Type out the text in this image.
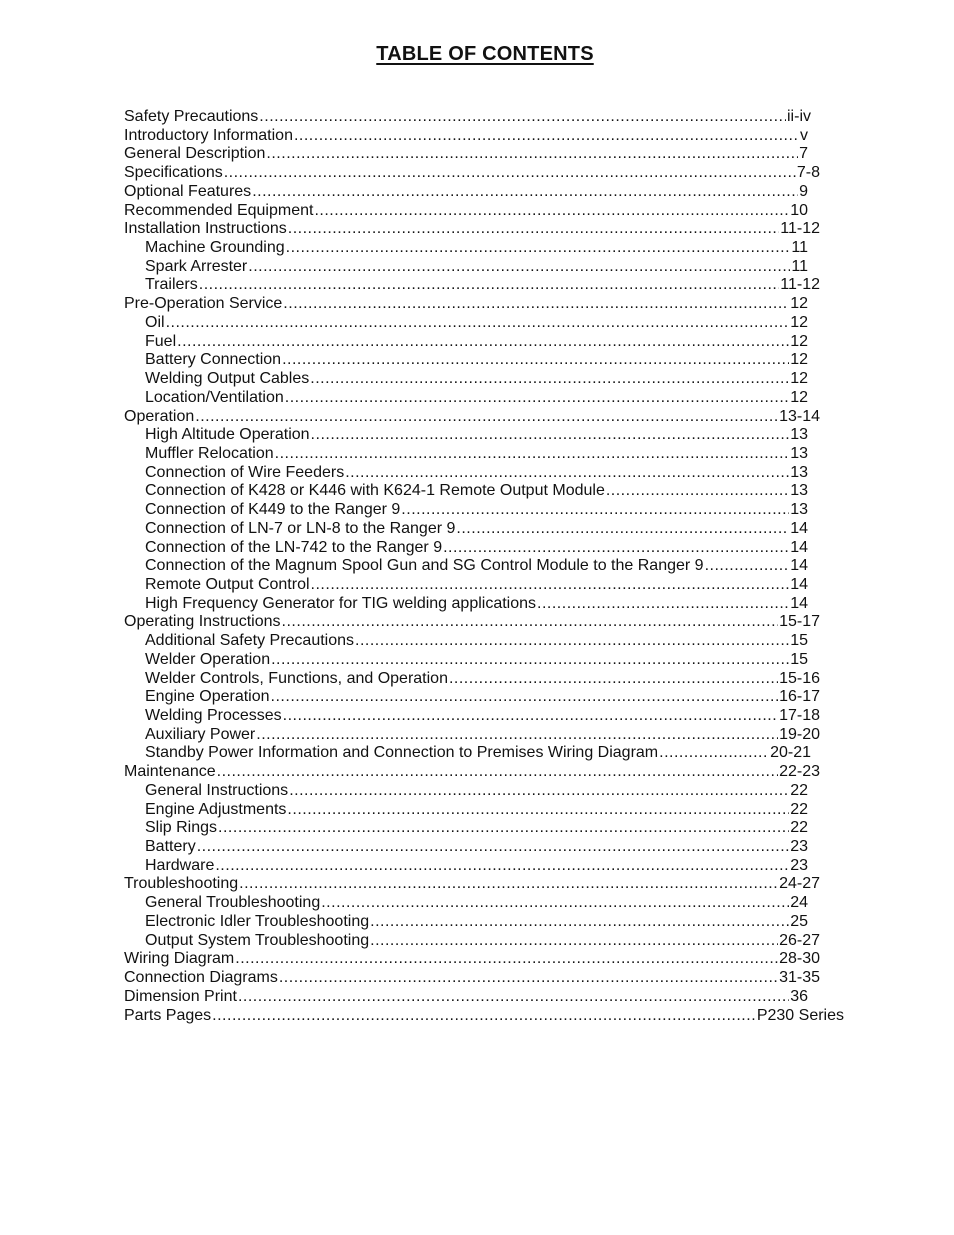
TABLE OF CONTENTS
Safety Precautions .....	ii-iv
Introductory Information .....	v
General Description .....	7
Specifications .....	7-8
Optional Features .....	9
Recommended Equipment .....	10
Installation Instructions .....	11-12
Machine Grounding .....	11
Spark Arrester .....	11
Trailers .....	11-12
Pre-Operation Service .....	12
Oil .....	12
Fuel .....	12
Battery Connection .....	12
Welding Output Cables .....	12
Location/Ventilation .....	12
Operation .....	13-14
High Altitude Operation .....	13
Muffler Relocation .....	13
Connection of Wire Feeders .....	13
Connection of K428 or K446 with K624-1 Remote Output Module .....	13
Connection of K449 to the Ranger 9 .....	13
Connection of LN-7 or LN-8 to the Ranger 9 .....	14
Connection of the LN-742 to the Ranger 9 .....	14
Connection of the Magnum Spool Gun and SG Control Module to the Ranger 9 .....	14
Remote Output Control .....	14
High Frequency Generator for TIG welding applications .....	14
Operating Instructions .....	15-17
Additional Safety Precautions .....	15
Welder Operation .....	15
Welder Controls, Functions, and Operation .....	15-16
Engine Operation .....	16-17
Welding Processes .....	17-18
Auxiliary Power .....	19-20
Standby Power Information and Connection to Premises Wiring Diagram .....	20-21
Maintenance .....	22-23
General Instructions .....	22
Engine Adjustments .....	22
Slip Rings .....	22
Battery .....	23
Hardware .....	23
Troubleshooting .....	24-27
General Troubleshooting .....	24
Electronic Idler Troubleshooting .....	25
Output System Troubleshooting .....	26-27
Wiring Diagram .....	28-30
Connection Diagrams .....	31-35
Dimension Print .....	36
Parts Pages .....	P230 Series
